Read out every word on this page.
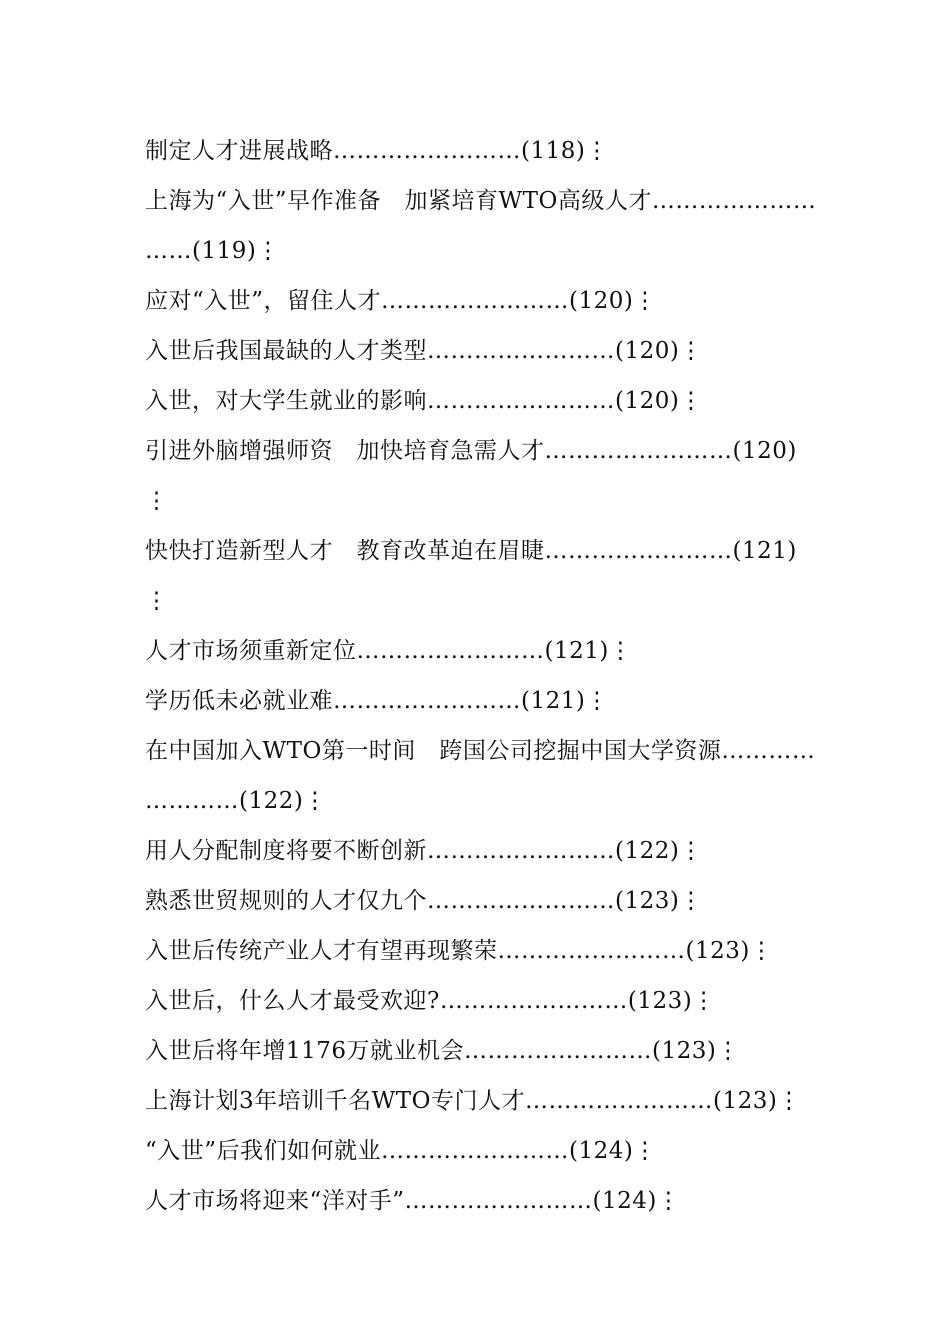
制定人才进展战略……………………(118)⋮
上海为“入世”早作准备　加紧培育WTO高级人才…………………
……(119)⋮
应对“入世”，留住人才……………………(120)⋮
入世后我国最缺的人才类型……………………(120)⋮
入世，对大学生就业的影响……………………(120)⋮
引进外脑增强师资　加快培育急需人才……………………(120)
⋮
快快打造新型人才　教育改革迫在眉睫……………………(121)
⋮
人才市场须重新定位……………………(121)⋮
学历低未必就业难……………………(121)⋮
在中国加入WTO第一时间　跨国公司挖掘中国大学资源…………
…………(122)⋮
用人分配制度将要不断创新……………………(122)⋮
熟悉世贸规则的人才仅九个……………………(123)⋮
入世后传统产业人才有望再现繁荣……………………(123)⋮
入世后，什么人才最受欢迎?……………………(123)⋮
入世后将年增1176万就业机会……………………(123)⋮
上海计划3年培训千名WTO专门人才……………………(123)⋮
“入世”后我们如何就业……………………(124)⋮
人才市场将迎来“洋对手”……………………(124)⋮
